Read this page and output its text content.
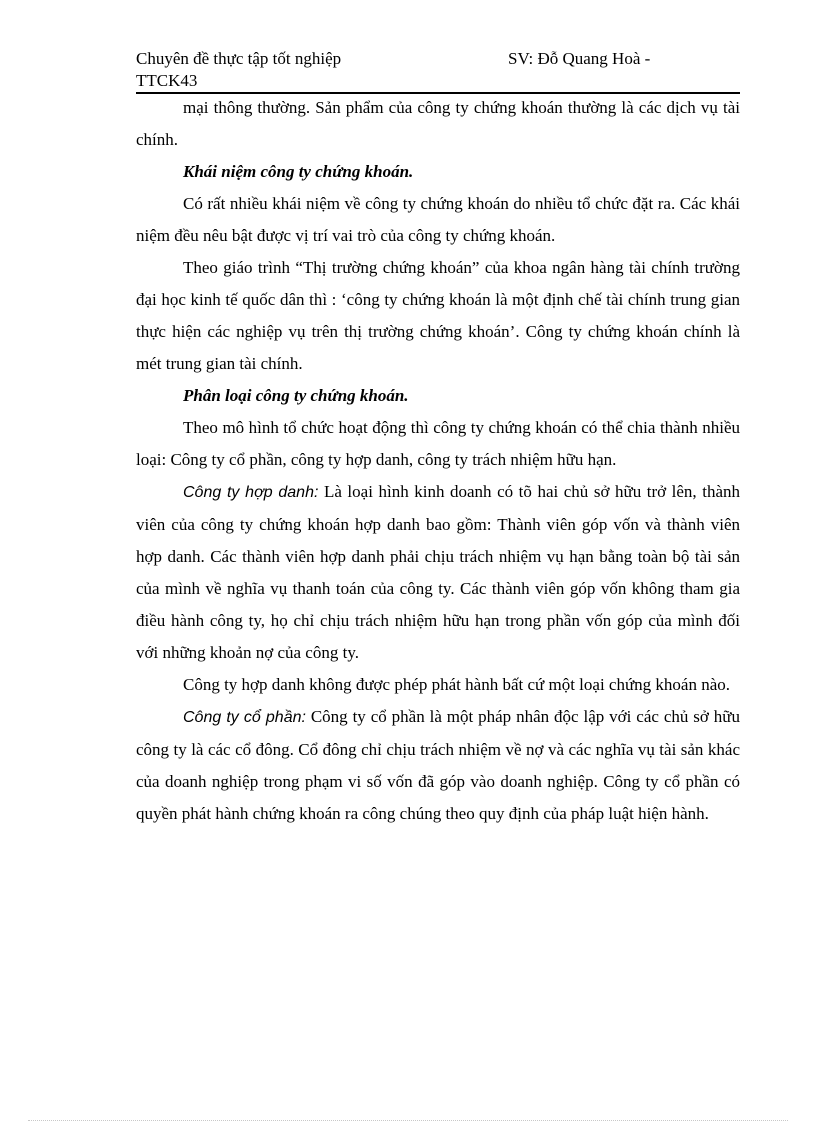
Chuyên đề thực tập tốt nghiệp	SV: Đỗ Quang Hoà -
TTCK43

mại thông thường. Sản phẩm của công ty chứng khoán thường là các dịch vụ tài chính.

Khái niệm công ty chứng khoán.

Có rất nhiều khái niệm về công ty chứng khoán do nhiều tổ chức đặt ra. Các khái niệm đều nêu bật được vị trí vai trò của công ty chứng khoán.

Theo giáo trình “Thị trường chứng khoán” của khoa ngân hàng tài chính trường đại học kinh tế quốc dân thì : ‘công ty chứng khoán là một định chế tài chính trung gian thực hiện các nghiệp vụ trên thị trường chứng khoán’. Công ty chứng khoán chính là mét trung gian tài chính.

Phân loại công ty chứng khoán.

Theo mô hình tổ chức hoạt động thì công ty chứng khoán có thể chia thành nhiều loại: Công ty cổ phần, công ty hợp danh, công ty trách nhiệm hữu hạn.

Công ty hợp danh: Là loại hình kinh doanh có tõ hai chủ sở hữu trở lên, thành viên của công ty chứng khoán hợp danh bao gồm: Thành viên góp vốn và thành viên hợp danh. Các thành viên hợp danh phải chịu trách nhiệm vụ hạn bằng toàn bộ tài sản của mình về nghĩa vụ thanh toán của công ty. Các thành viên góp vốn không tham gia điều hành công ty, họ chỉ chịu trách nhiệm hữu hạn trong phần vốn góp của mình đối với những khoản nợ của công ty.

Công ty hợp danh không được phép phát hành bất cứ một loại chứng khoán nào.

Công ty cổ phần: Công ty cổ phần là một pháp nhân độc lập với các chủ sở hữu công ty là các cổ đông. Cổ đông chỉ chịu trách nhiệm về nợ và các nghĩa vụ tài sản khác của doanh nghiệp trong phạm vi số vốn đã góp vào doanh nghiệp. Công ty cổ phần có quyền phát hành chứng khoán ra công chúng theo quy định của pháp luật hiện hành.
